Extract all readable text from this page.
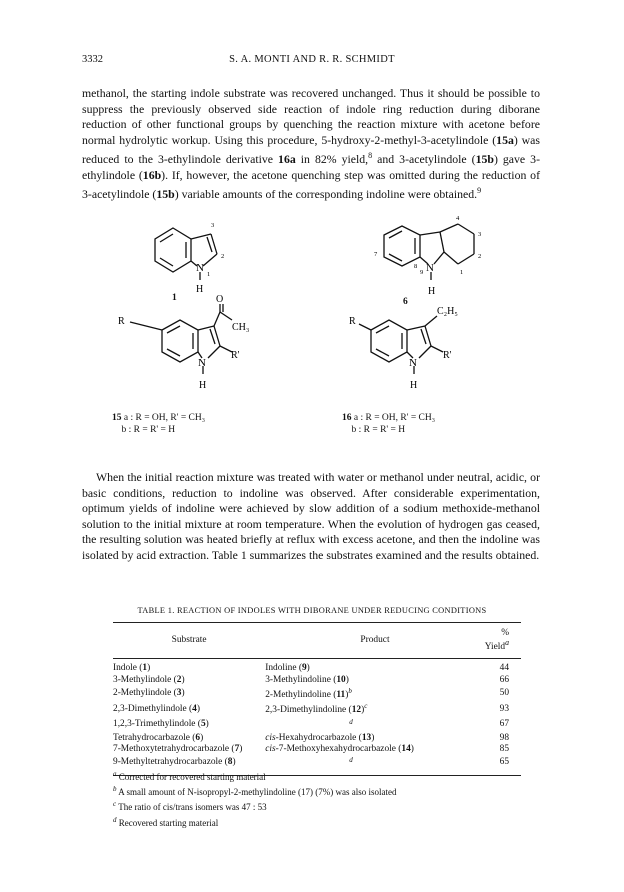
3332	S. A. MONTI AND R. R. SCHMIDT

methanol, the starting indole substrate was recovered unchanged. Thus it should be possible to suppress the previously observed side reaction of indole ring reduction during diborane reduction of other functional groups by quenching the reaction mixture with acetone before normal hydrolytic workup. Using this procedure, 5-hydroxy-2-methyl-3-acetylindole (15a) was reduced to the 3-ethylindole derivative 16a in 82% yield,$^8$ and 3-acetylindole (15b) gave 3-ethylindole (16b). If, however, the acetone quenching step was omitted during the reduction of 3-acetylindole (15b) variable amounts of the corresponding indoline were obtained.$^9$

N
H
3
2
1
1
N
H
4
3
2
1
7
8
9
6
O
CH₃
R
R'
N
H
15 a : R = OH, R' = CH₃
b : R = R' = H
C₂H₅
R
R'
N
H
16 a : R = OH, R' = CH₃
b : R = R' = H

When the initial reaction mixture was treated with water or methanol under neutral, acidic, or basic conditions, reduction to indoline was observed. After considerable experimentation, optimum yields of indoline were achieved by slow addition of a sodium methoxide-methanol solution to the initial mixture at room temperature. When the evolution of hydrogen gas ceased, the resulting solution was heated briefly at reflux with excess acetone, and then the indoline was isolated by acid extraction. Table 1 summarizes the substrates examined and the results obtained.

TABLE 1. REACTION OF INDOLES WITH DIBORANE UNDER REDUCING CONDITIONS
Substrate	Product	% Yield$^a$
Indole (1)	Indoline (9)	44
3-Methylindole (2)	3-Methylindoline (10)	66
2-Methylindole (3)	2-Methylindoline $(11)^b$	50
2,3-Dimethylindole (4)	2,3-Dimethylindoline $(12)^c$	93
1,2,3-Trimethylindole (5)	$^d$	67
Tetrahydrocarbazole (6)	cis-Hexahydrocarbazole (13)	98
7-Methoxytetrahydrocarbazole (7)	cis-7-Methoxyhexahydrocarbazole (14)	85
9-Methyltetrahydrocarbazole (8)	$^d$	65
$^a$ Corrected for recovered starting material
$^b$ A small amount of N-isopropyl-2-methylindoline (17) (7%) was also isolated
$^c$ The ratio of cis/trans isomers was 47 : 53
$^d$ Recovered starting material
